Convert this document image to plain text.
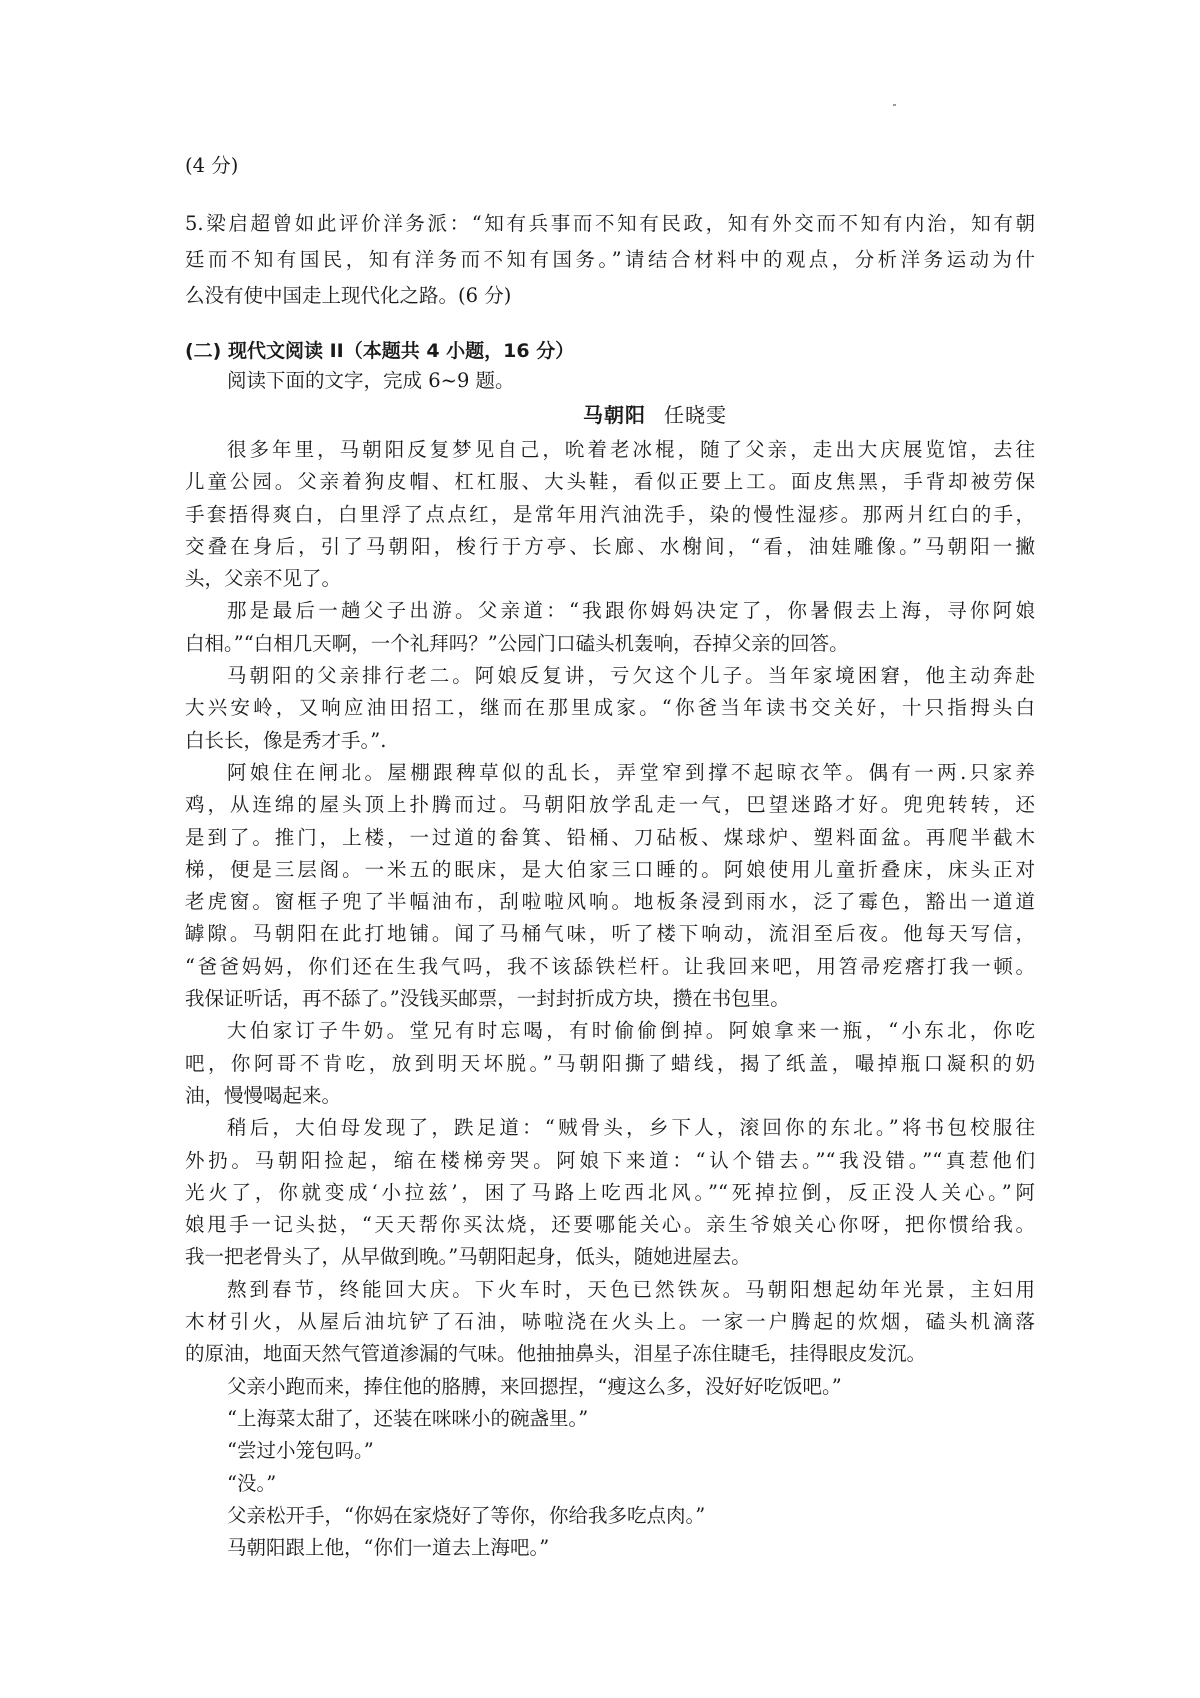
(4 分)
5.梁启超曾如此评价洋务派：“知有兵事而不知有民政，知有外交而不知有内治，知有朝
廷而不知有国民，知有洋务而不知有国务。”请结合材料中的观点，分析洋务运动为什
么没有使中国走上现代化之路。(6 分)
(二) 现代文阅读 II（本题共 4 小题，16 分）
阅读下面的文字，完成 6~9 题。
马朝阳 任晓雯
很多年里，马朝阳反复梦见自己，吮着老冰棍，随了父亲，走出大庆展览馆，去往
儿童公园。父亲着狗皮帽、杠杠服、大头鞋，看似正要上工。面皮焦黑，手背却被劳保
手套捂得爽白，白里浮了点点红，是常年用汽油洗手，染的慢性湿疹。那两爿红白的手，
交叠在身后，引了马朝阳，梭行于方亭、长廊、水榭间，“看，油娃雕像。”马朝阳一撇
头，父亲不见了。
那是最后一趟父子出游。父亲道：“我跟你姆妈决定了，你暑假去上海，寻你阿娘
白相。”“白相几天啊，一个礼拜吗？”公园门口磕头机轰响，吞掉父亲的回答。
马朝阳的父亲排行老二。阿娘反复讲，亏欠这个儿子。当年家境困窘，他主动奔赴
大兴安岭，又响应油田招工，继而在那里成家。“你爸当年读书交关好，十只指拇头白
白长长，像是秀才手。”.
阿娘住在闸北。屋棚跟稗草似的乱长，弄堂窄到撑不起晾衣竿。偶有一两.只家养
鸡，从连绵的屋头顶上扑腾而过。马朝阳放学乱走一气，巴望迷路才好。兜兜转转，还
是到了。推门，上楼，一过道的畚箕、铅桶、刀砧板、煤球炉、塑料面盆。再爬半截木
梯，便是三层阁。一米五的眠床，是大伯家三口睡的。阿娘使用儿童折叠床，床头正对
老虎窗。窗框子兜了半幅油布，刮啦啦风响。地板条浸到雨水，泛了霉色，豁出一道道
罅隙。马朝阳在此打地铺。闻了马桶气味，听了楼下响动，流泪至后夜。他每天写信，
“爸爸妈妈，你们还在生我气吗，我不该舔铁栏杆。让我回来吧，用笤帚疙瘩打我一顿。
我保证听话，再不舔了。”没钱买邮票，一封封折成方块，攒在书包里。
大伯家订子牛奶。堂兄有时忘喝，有时偷偷倒掉。阿娘拿来一瓶，“小东北，你吃
吧，你阿哥不肯吃，放到明天坏脱。”马朝阳撕了蜡线，揭了纸盖，嘬掉瓶口凝积的奶
油，慢慢喝起来。
稍后，大伯母发现了，跌足道：“贼骨头，乡下人，滚回你的东北。”将书包校服往
外扔。马朝阳捡起，缩在楼梯旁哭。阿娘下来道：“认个错去。”“我没错。”“真惹他们
光火了，你就变成‘小拉兹’，困了马路上吃西北风。”“死掉拉倒，反正没人关心。”阿
娘甩手一记头挞，“天天帮你买汰烧，还要哪能关心。亲生爷娘关心你呀，把你惯给我。
我一把老骨头了，从早做到晚。”马朝阳起身，低头，随她进屋去。
熬到春节，终能回大庆。下火车时，天色已然铁灰。马朝阳想起幼年光景，主妇用
木材引火，从屋后油坑铲了石油，哧啦浇在火头上。一家一户腾起的炊烟，磕头机滴落
的原油，地面天然气管道渗漏的气味。他抽抽鼻头，泪星子冻住睫毛，挂得眼皮发沉。
父亲小跑而来，捧住他的胳膊，来回摁捏，“瘦这么多，没好好吃饭吧。”
“上海菜太甜了，还装在咪咪小的碗盏里。”
“尝过小笼包吗。”
“没。”
父亲松开手，“你妈在家烧好了等你，你给我多吃点肉。”
马朝阳跟上他，“你们一道去上海吧。”
